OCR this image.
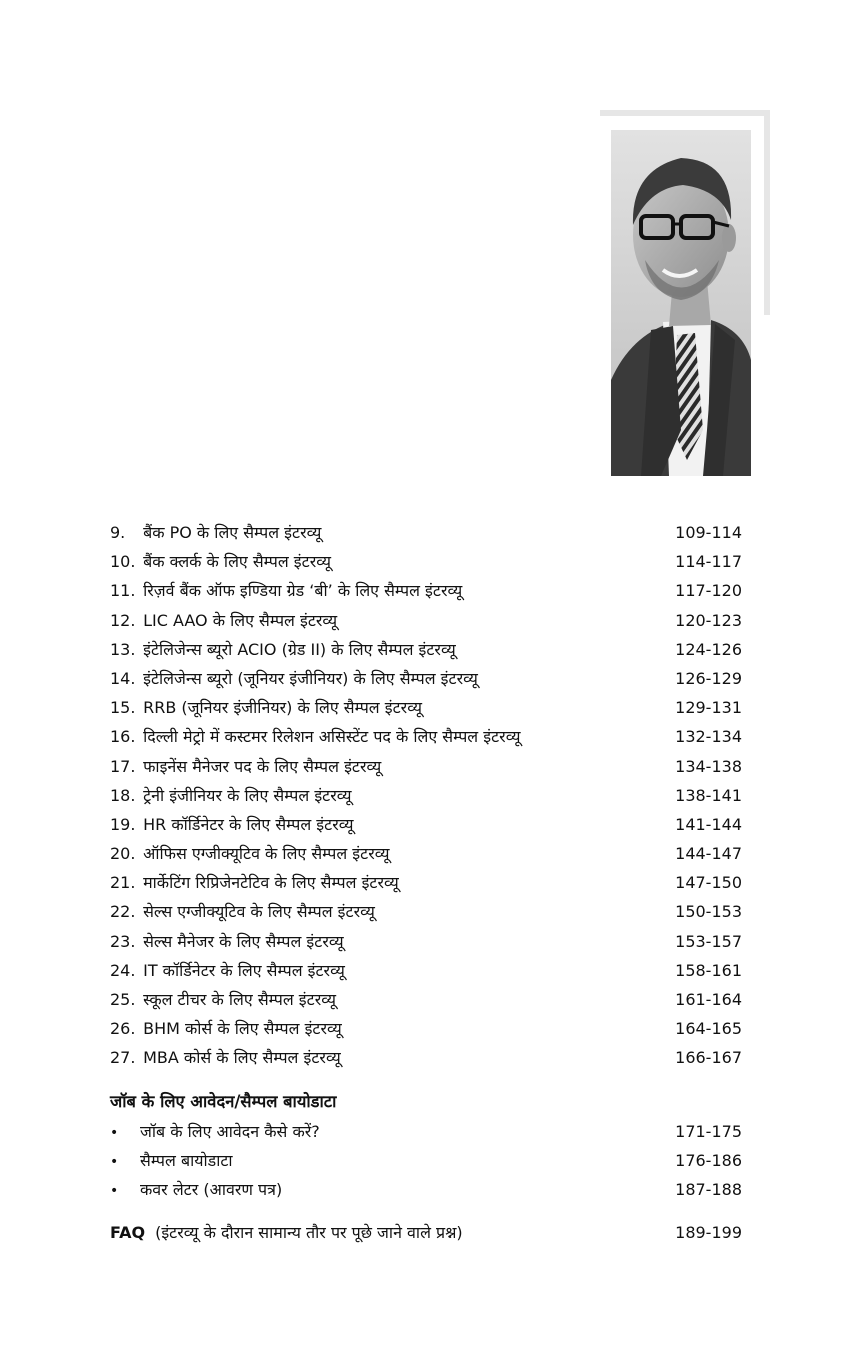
9. बैंक PO के लिए सैम्पल इंटरव्यू	109-114
10. बैंक क्लर्क के लिए सैम्पल इंटरव्यू	114-117
11. रिज़र्व बैंक ऑफ इण्डिया ग्रेड ‘बी’ के लिए सैम्पल इंटरव्यू	117-120
12. LIC AAO के लिए सैम्पल इंटरव्यू	120-123
13. इंटेलिजेन्स ब्यूरो ACIO (ग्रेड II) के लिए सैम्पल इंटरव्यू	124-126
14. इंटेलिजेन्स ब्यूरो (जूनियर इंजीनियर) के लिए सैम्पल इंटरव्यू	126-129
15. RRB (जूनियर इंजीनियर) के लिए सैम्पल इंटरव्यू	129-131
16. दिल्ली मेट्रो में कस्टमर रिलेशन असिस्टेंट पद के लिए सैम्पल इंटरव्यू	132-134
17. फाइनेंस मैनेजर पद के लिए सैम्पल इंटरव्यू	134-138
18. ट्रेनी इंजीनियर के लिए सैम्पल इंटरव्यू	138-141
19. HR कॉर्डिनेटर के लिए सैम्पल इंटरव्यू	141-144
20. ऑफिस एग्जीक्यूटिव के लिए सैम्पल इंटरव्यू	144-147
21. मार्केटिंग रिप्रिजेनटेटिव के लिए सैम्पल इंटरव्यू	147-150
22. सेल्स एग्जीक्यूटिव के लिए सैम्पल इंटरव्यू	150-153
23. सेल्स मैनेजर के लिए सैम्पल इंटरव्यू	153-157
24. IT कॉर्डिनेटर के लिए सैम्पल इंटरव्यू	158-161
25. स्कूल टीचर के लिए सैम्पल इंटरव्यू	161-164
26. BHM कोर्स के लिए सैम्पल इंटरव्यू	164-165
27. MBA कोर्स के लिए सैम्पल इंटरव्यू	166-167
जॉब के लिए आवेदन/सैम्पल बायोडाटा
• जॉब के लिए आवेदन कैसे करें?	171-175
• सैम्पल बायोडाटा	176-186
• कवर लेटर (आवरण पत्र)	187-188
FAQ (इंटरव्यू के दौरान सामान्य तौर पर पूछे जाने वाले प्रश्न)	189-199
